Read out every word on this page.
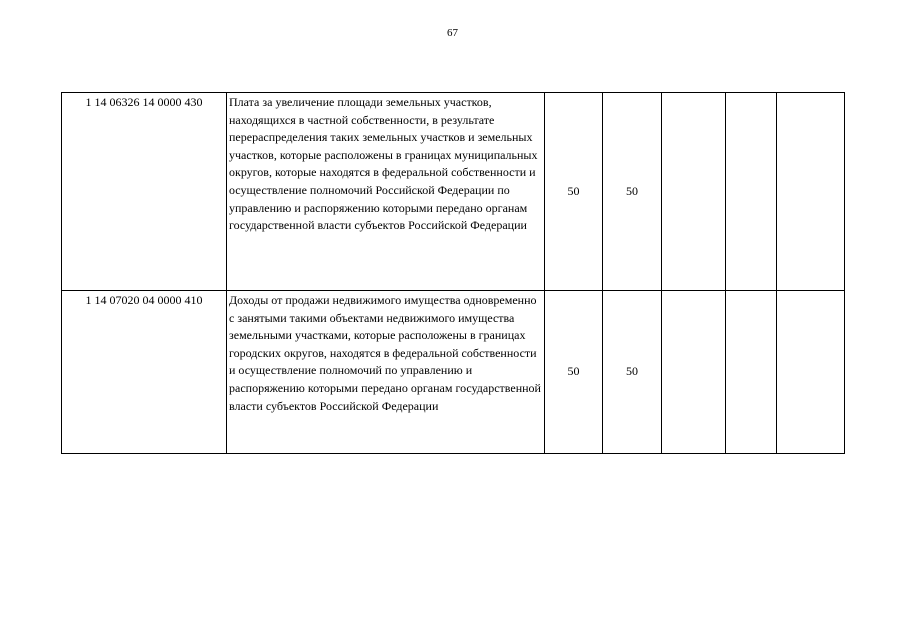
67
1 14 06326 14 0000 430	Плата за увеличение площади земельных участков, находящихся в частной собственности, в результате перераспределения таких земельных участков и земельных участков, которые расположены в границах муниципальных округов, которые находятся в федеральной собственности и осуществление полномочий Российской Федерации по управлению и распоряжению которыми передано органам государственной власти субъектов Российской Федерации	50	50			
1 14 07020 04 0000 410	Доходы от продажи недвижимого имущества одновременно с занятыми такими объектами недвижимого имущества земельными участками, которые расположены в границах городских округов, находятся в федеральной собственности и осуществление полномочий по управлению и распоряжению которыми передано органам государственной власти субъектов Российской Федерации	50	50			
